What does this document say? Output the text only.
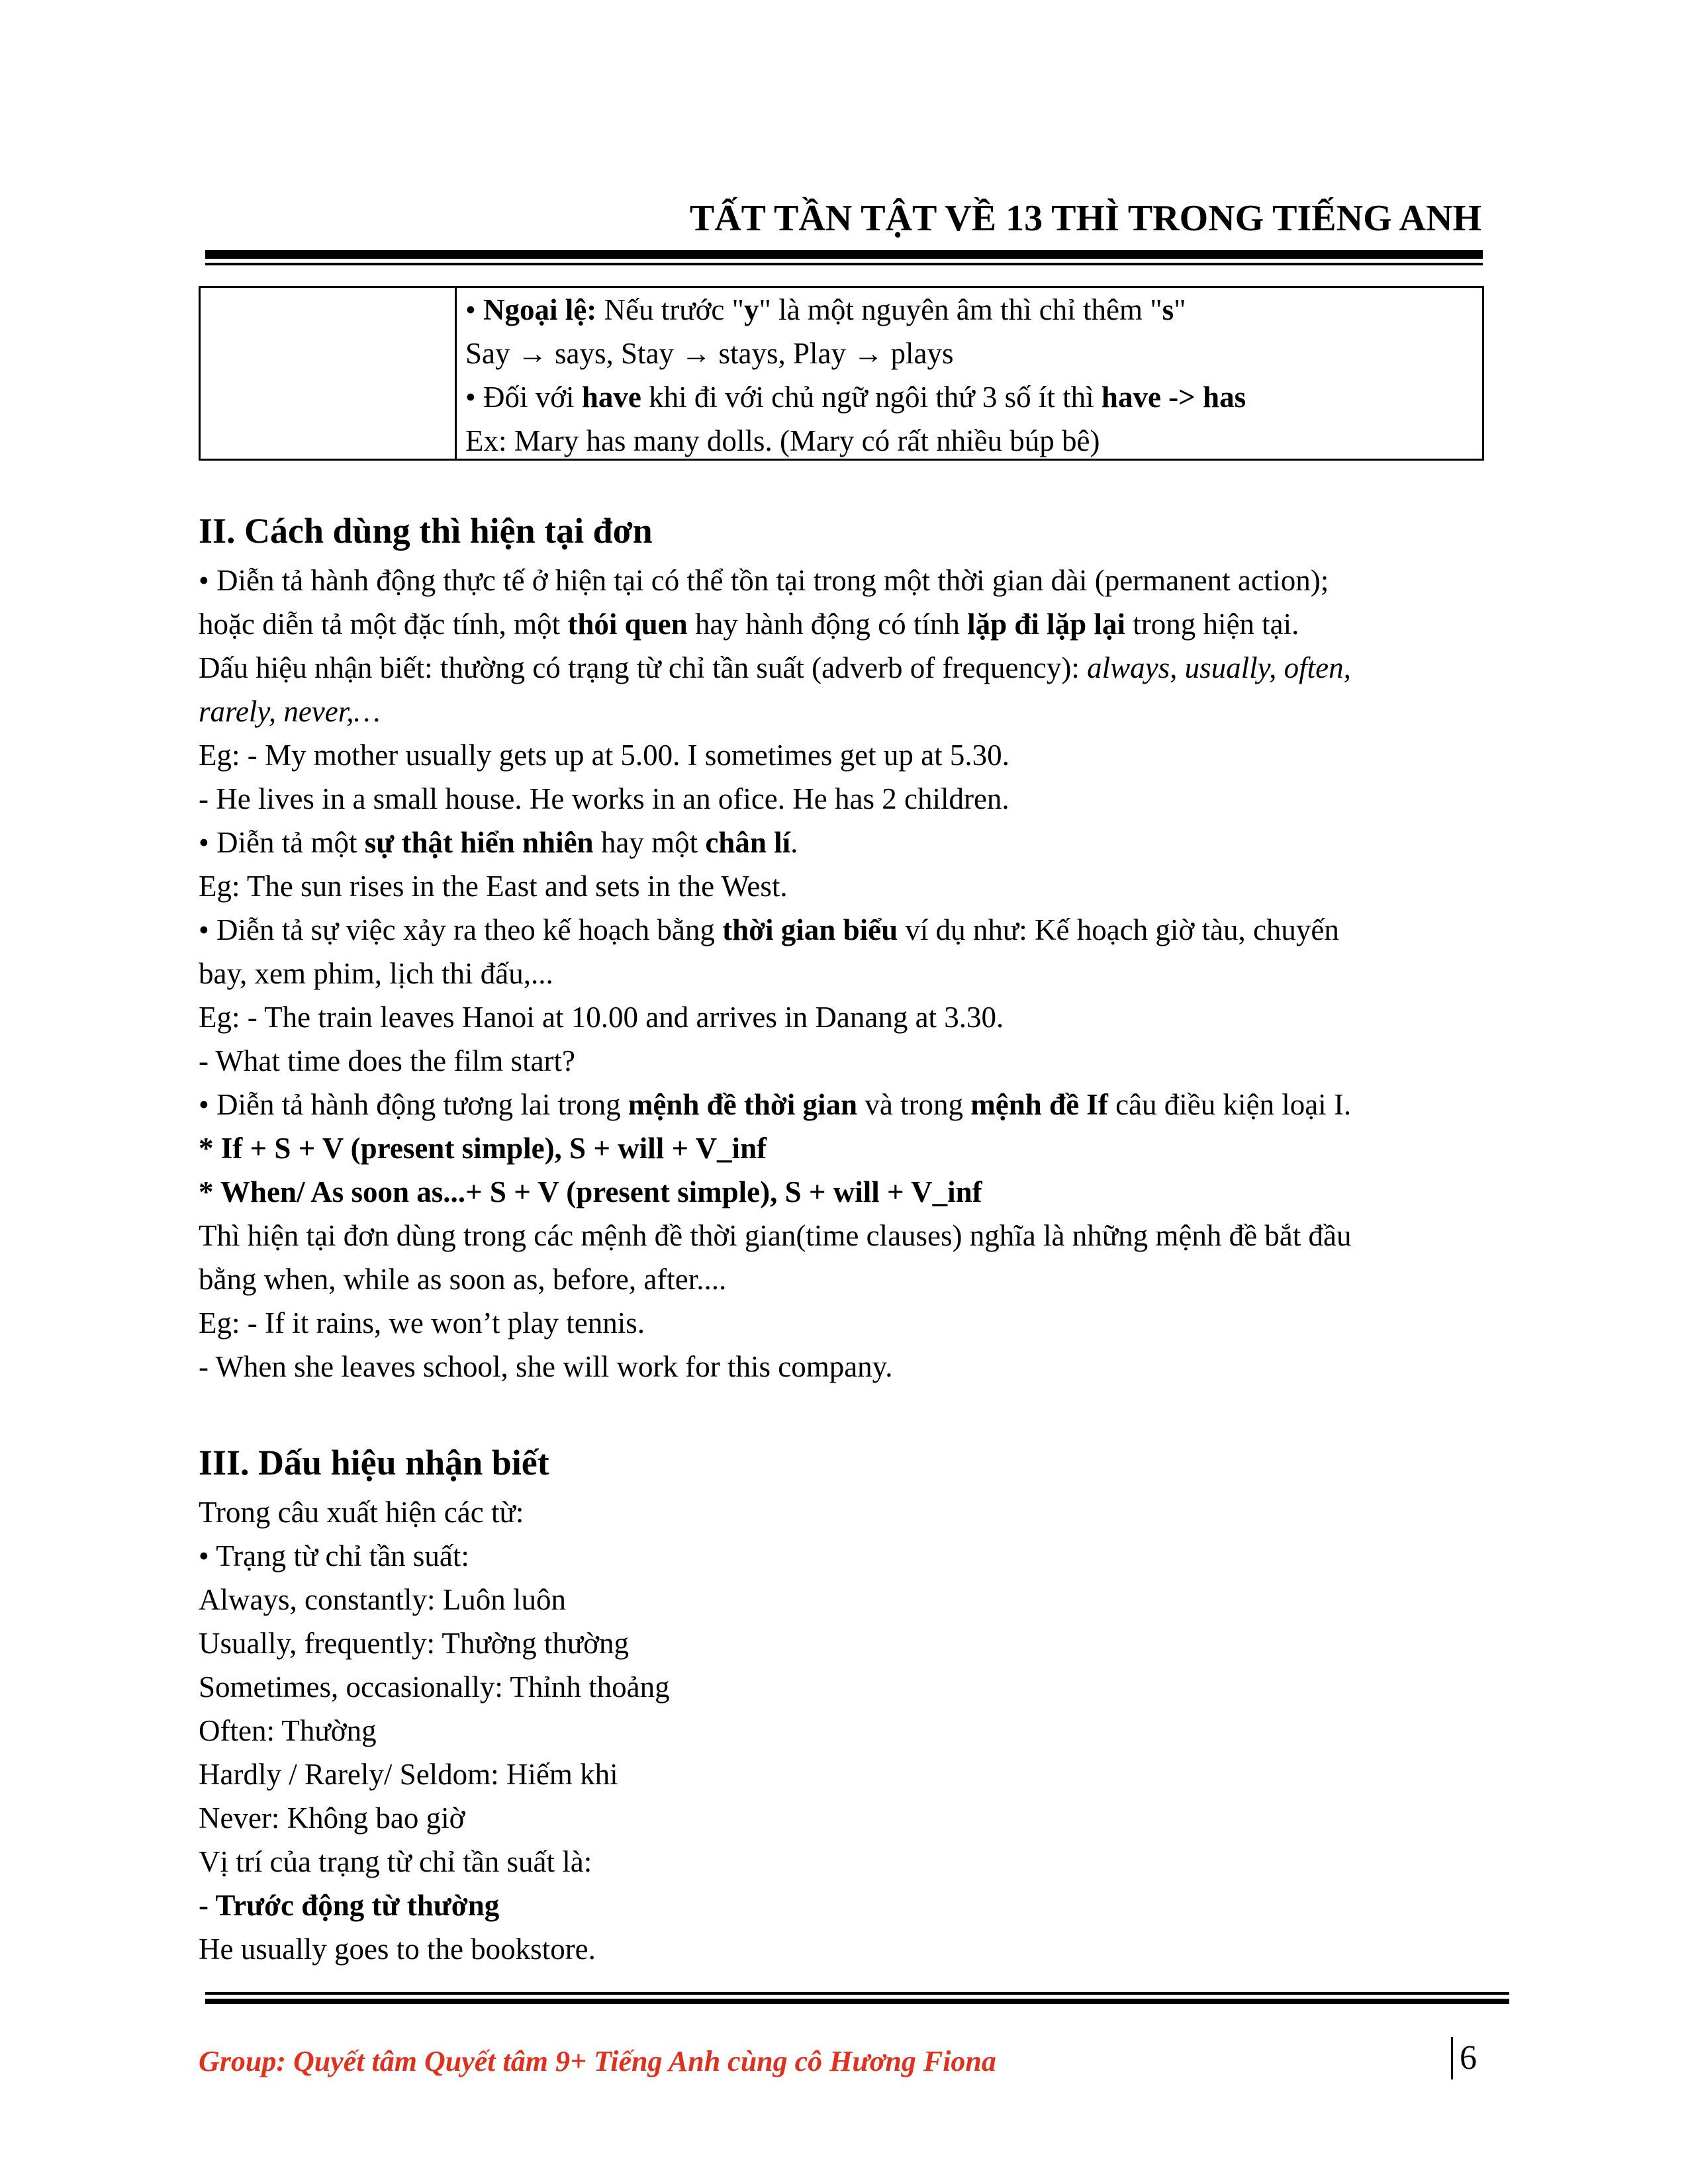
TẤT TẦN TẬT VỀ 13 THÌ TRONG TIẾNG ANH
• Ngoại lệ: Nếu trước "y" là một nguyên âm thì chỉ thêm "s"
Say → says, Stay → stays, Play → plays
• Đối với have khi đi với chủ ngữ ngôi thứ 3 số ít thì have -> has
Ex: Mary has many dolls. (Mary có rất nhiều búp bê)
II. Cách dùng thì hiện tại đơn
• Diễn tả hành động thực tế ở hiện tại có thể tồn tại trong một thời gian dài (permanent action);
hoặc diễn tả một đặc tính, một thói quen hay hành động có tính lặp đi lặp lại trong hiện tại.
Dấu hiệu nhận biết: thường có trạng từ chỉ tần suất (adverb of frequency): always, usually, often,
rarely, never,…
Eg: - My mother usually gets up at 5.00. I sometimes get up at 5.30.
- He lives in a small house. He works in an ofice. He has 2 children.
• Diễn tả một sự thật hiển nhiên hay một chân lí.
Eg: The sun rises in the East and sets in the West.
• Diễn tả sự việc xảy ra theo kế hoạch bằng thời gian biểu ví dụ như: Kế hoạch giờ tàu, chuyến
bay, xem phim, lịch thi đấu,...
Eg: - The train leaves Hanoi at 10.00 and arrives in Danang at 3.30.
- What time does the film start?
• Diễn tả hành động tương lai trong mệnh đề thời gian và trong mệnh đề If câu điều kiện loại I.
* If + S + V (present simple), S + will + V_inf
* When/ As soon as...+ S + V (present simple), S + will + V_inf
Thì hiện tại đơn dùng trong các mệnh đề thời gian(time clauses) nghĩa là những mệnh đề bắt đầu
bằng when, while as soon as, before, after....
Eg: - If it rains, we won’t play tennis.
- When she leaves school, she will work for this company.
III. Dấu hiệu nhận biết
Trong câu xuất hiện các từ:
• Trạng từ chỉ tần suất:
Always, constantly: Luôn luôn
Usually, frequently: Thường thường
Sometimes, occasionally: Thỉnh thoảng
Often: Thường
Hardly / Rarely/ Seldom: Hiếm khi
Never: Không bao giờ
Vị trí của trạng từ chỉ tần suất là:
- Trước động từ thường
He usually goes to the bookstore.
Group: Quyết tâm Quyết tâm 9+ Tiếng Anh cùng cô Hương Fiona	6
